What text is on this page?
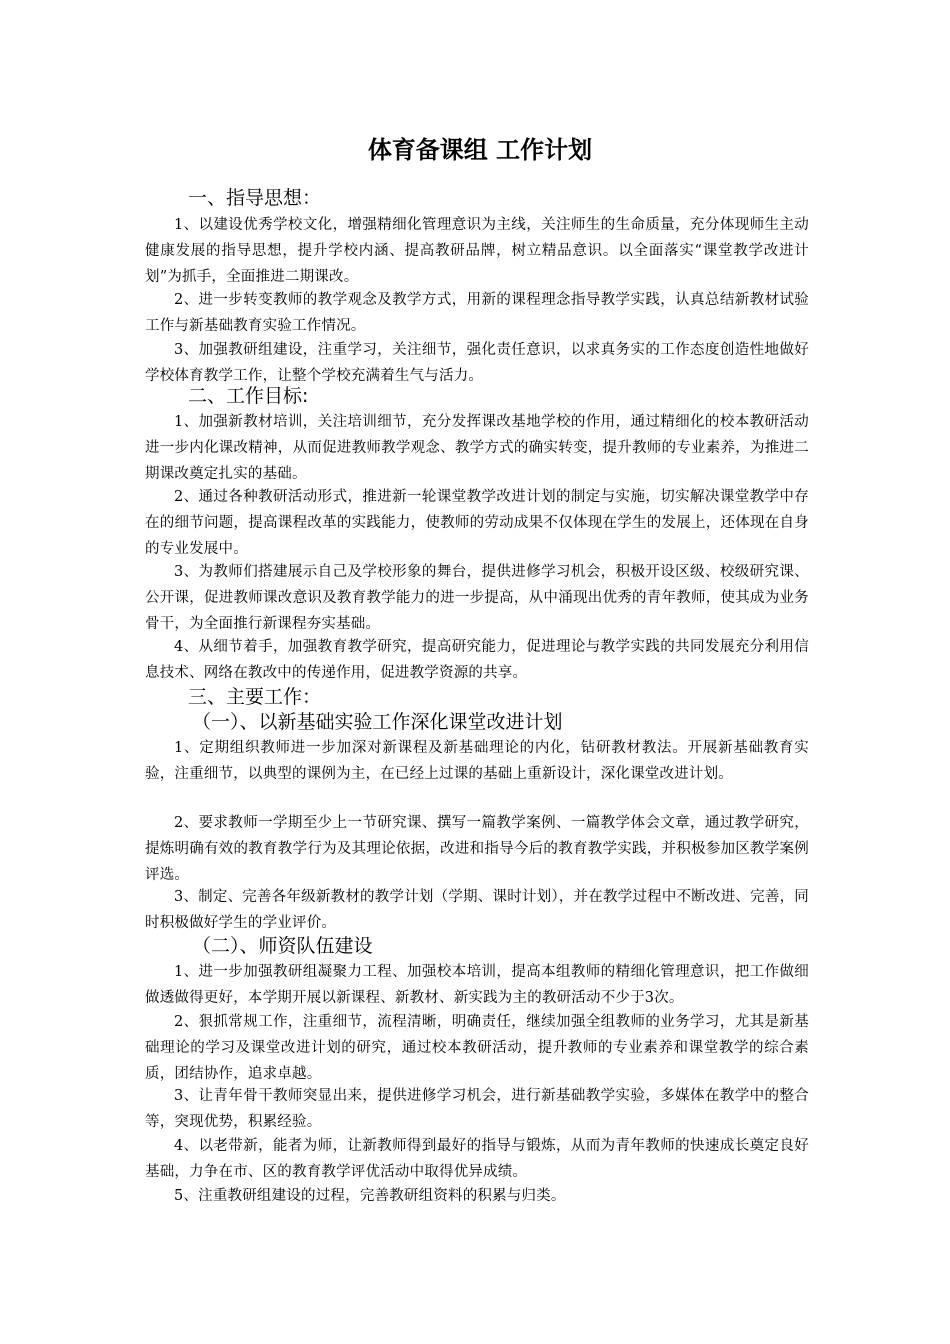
体育备课组 工作计划
一、指导思想：

1、以建设优秀学校文化，增强精细化管理意识为主线，关注师生的生命质量，充分体现师生主动健康发展的指导思想，提升学校内涵、提高教研品牌，树立精品意识。以全面落实“课堂教学改进计划”为抓手，全面推进二期课改。

2、进一步转变教师的教学观念及教学方式，用新的课程理念指导教学实践，认真总结新教材试验工作与新基础教育实验工作情况。

3、加强教研组建设，注重学习，关注细节，强化责任意识，以求真务实的工作态度创造性地做好学校体育教学工作，让整个学校充满着生气与活力。

二、工作目标:

1、加强新教材培训，关注培训细节，充分发挥课改基地学校的作用，通过精细化的校本教研活动进一步内化课改精神，从而促进教师教学观念、教学方式的确实转变，提升教师的专业素养，为推进二期课改奠定扎实的基础。

2、通过各种教研活动形式，推进新一轮课堂教学改进计划的制定与实施，切实解决课堂教学中存在的细节问题，提高课程改革的实践能力，使教师的劳动成果不仅体现在学生的发展上，还体现在自身的专业发展中。

3、为教师们搭建展示自己及学校形象的舞台，提供进修学习机会，积极开设区级、校级研究课、公开课，促进教师课改意识及教育教学能力的进一步提高，从中涌现出优秀的青年教师，使其成为业务骨干，为全面推行新课程夯实基础。

4、从细节着手，加强教育教学研究，提高研究能力，促进理论与教学实践的共同发展充分利用信息技术、网络在教改中的传递作用，促进教学资源的共享。

三、主要工作：
（一）、以新基础实验工作深化课堂改进计划

1、定期组织教师进一步加深对新课程及新基础理论的内化，钻研教材教法。开展新基础教育实验，注重细节，以典型的课例为主，在已经上过课的基础上重新设计，深化课堂改进计划。

2、要求教师一学期至少上一节研究课、撰写一篇教学案例、一篇教学体会文章，通过教学研究，提炼明确有效的教育教学行为及其理论依据，改进和指导今后的教育教学实践，并积极参加区教学案例评选。

3、制定、完善各年级新教材的教学计划（学期、课时计划），并在教学过程中不断改进、完善，同时积极做好学生的学业评价。

（二）、师资队伍建设

1、进一步加强教研组凝聚力工程、加强校本培训，提高本组教师的精细化管理意识，把工作做细做透做得更好，本学期开展以新课程、新教材、新实践为主的教研活动不少于3次。

2、狠抓常规工作，注重细节，流程清晰，明确责任，继续加强全组教师的业务学习，尤其是新基础理论的学习及课堂改进计划的研究，通过校本教研活动，提升教师的专业素养和课堂教学的综合素质，团结协作，追求卓越。

3、让青年骨干教师突显出来，提供进修学习机会，进行新基础教学实验，多媒体在教学中的整合等，突现优势，积累经验。

4、以老带新，能者为师，让新教师得到最好的指导与锻炼，从而为青年教师的快速成长奠定良好基础，力争在市、区的教育教学评优活动中取得优异成绩。

5、注重教研组建设的过程，完善教研组资料的积累与归类。
